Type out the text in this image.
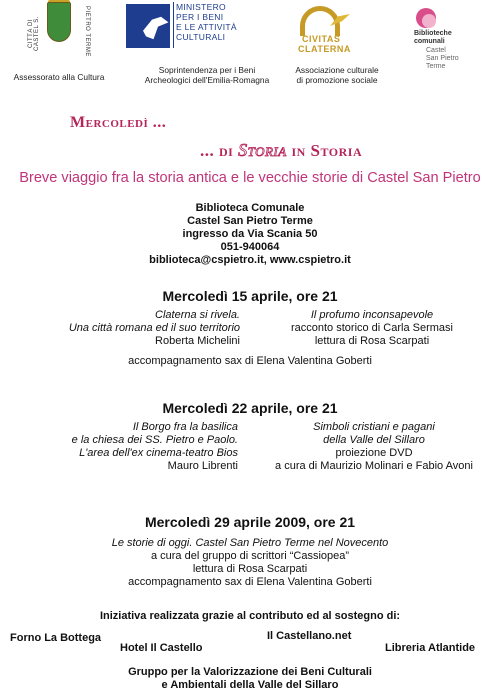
CITTÀ DI CASTEL S.	PIETRO TERME
Assessorato alla Cultura
MINISTERO
PER I BENI
E LE ATTIVITÀ
CULTURALI
Soprintendenza per i Beni
Archeologici dell'Emilia-Romagna
CIVITAS
CLATERNA
Associazione culturale
di promozione sociale
Biblioteche
comunali
Castel
San Pietro
Terme
Mercoledì ...
... di Storia in Storia
Breve viaggio fra la storia antica e le vecchie storie di Castel San Pietro
Biblioteca Comunale
Castel San Pietro Terme
ingresso da Via Scania 50
051-940064
biblioteca@cspietro.it, www.cspietro.it
Mercoledì 15 aprile, ore 21
Claterna si rivela.
Una città romana ed il suo territorio
Roberta Michelini
Il profumo inconsapevole
racconto storico di Carla Sermasi
lettura di Rosa Scarpati
accompagnamento sax di Elena Valentina Goberti
Mercoledì 22 aprile, ore 21
Il Borgo fra la basilica
e la chiesa dei SS. Pietro e Paolo.
L'area dell'ex cinema-teatro Bios
Mauro Librenti
Simboli cristiani e pagani
della Valle del Sillaro
proiezione DVD
a cura di Maurizio Molinari e Fabio Avoni
Mercoledì 29 aprile 2009, ore 21
Le storie di oggi. Castel San Pietro Terme nel Novecento
a cura del gruppo di scrittori “Cassiopea”
lettura di Rosa Scarpati
accompagnamento sax di Elena Valentina Goberti
Iniziativa realizzata grazie al contributo ed al sostegno di:
Forno La Bottega
Hotel Il Castello
Il Castellano.net
Libreria Atlantide
Gruppo per la Valorizzazione dei Beni Culturali
e Ambientali della Valle del Sillaro
